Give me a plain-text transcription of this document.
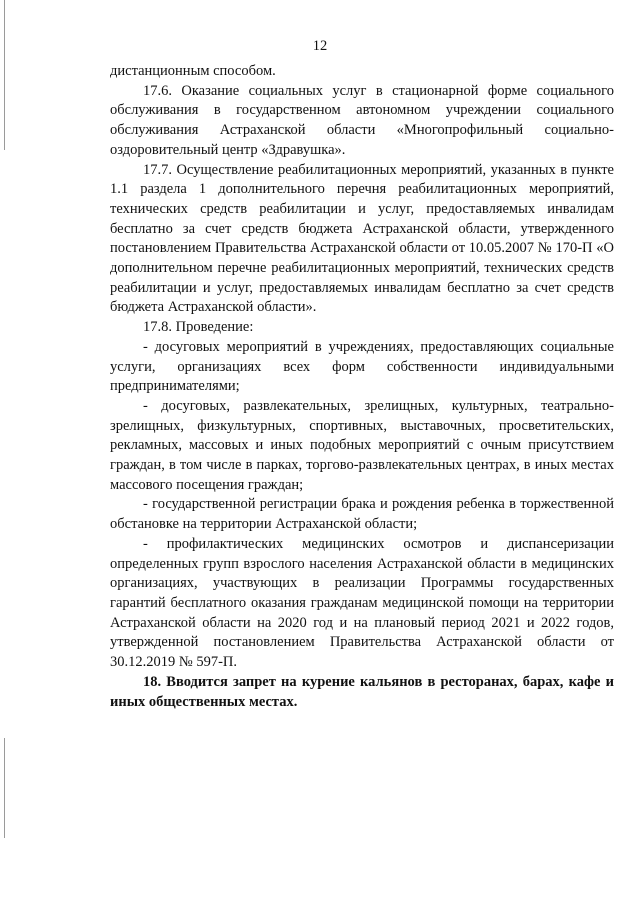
12

дистанционным способом.

17.6. Оказание социальных услуг в стационарной форме социального обслуживания в государственном автономном учреждении социального обслуживания Астраханской области «Многопрофильный социально-оздоровительный центр «Здравушка».

17.7. Осуществление реабилитационных мероприятий, указанных в пункте 1.1 раздела 1 дополнительного перечня реабилитационных мероприятий, технических средств реабилитации и услуг, предоставляемых инвалидам бесплатно за счет средств бюджета Астраханской области, утвержденного постановлением Правительства Астраханской области от 10.05.2007 № 170-П «О дополнительном перечне реабилитационных мероприятий, технических средств реабилитации и услуг, предоставляемых инвалидам бесплатно за счет средств бюджета Астраханской области».

17.8. Проведение:

- досуговых мероприятий в учреждениях, предоставляющих социальные услуги, организациях всех форм собственности индивидуальными предпринимателями;

- досуговых, развлекательных, зрелищных, культурных, театрально-зрелищных, физкультурных, спортивных, выставочных, просветительских, рекламных, массовых и иных подобных мероприятий с очным присутствием граждан, в том числе в парках, торгово-развлекательных центрах, в иных местах массового посещения граждан;

- государственной регистрации брака и рождения ребенка в торжественной обстановке на территории Астраханской области;

- профилактических медицинских осмотров и диспансеризации определенных групп взрослого населения Астраханской области в медицинских организациях, участвующих в реализации Программы государственных гарантий бесплатного оказания гражданам медицинской помощи на территории Астраханской области на 2020 год и на плановый период 2021 и 2022 годов, утвержденной постановлением Правительства Астраханской области от 30.12.2019 № 597-П.

18. Вводится запрет на курение кальянов в ресторанах, барах, кафе и иных общественных местах.
